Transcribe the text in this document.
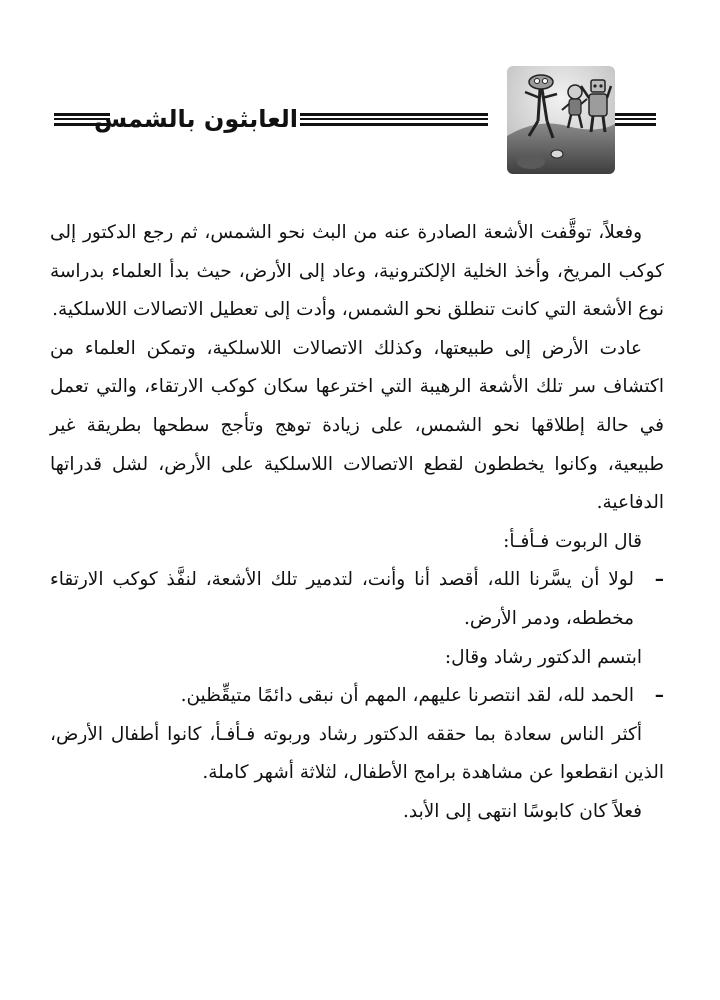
العابثون بالشمس

وفعلاً، توقَّفت الأشعة الصادرة عنه من البث نحو الشمس، ثم رجع الدكتور إلى كوكب المريخ، وأخذ الخلية الإلكترونية، وعاد إلى الأرض، حيث بدأ العلماء بدراسة نوع الأشعة التي كانت تنطلق نحو الشمس، وأدت إلى تعطيل الاتصالات اللاسلكية.

عادت الأرض إلى طبيعتها، وكذلك الاتصالات اللاسلكية، وتمكن العلماء من اكتشاف سر تلك الأشعة الرهيبة التي اخترعها سكان كوكب الارتقاء، والتي تعمل في حالة إطلاقها نحو الشمس، على زيادة توهج وتأجج سطحها بطريقة غير طبيعية، وكانوا يخططون لقطع الاتصالات اللاسلكية على الأرض، لشل قدراتها الدفاعية.

قال الربوت فـأفـأ:

–
لولا أن يسَّرنا الله، أقصد أنا وأنت، لتدمير تلك الأشعة، لنفَّذ كوكب الارتقاء مخططه، ودمر الأرض.

ابتسم الدكتور رشاد وقال:

–
الحمد لله، لقد انتصرنا عليهم، المهم أن نبقى دائمًا متيقِّظين.

أكثر الناس سعادة بما حققه الدكتور رشاد وربوته فـأفـأ، كانوا أطفال الأرض، الذين انقطعوا عن مشاهدة برامج الأطفال، لثلاثة أشهر كاملة.

فعلاً كان كابوسًا انتهى إلى الأبد.
